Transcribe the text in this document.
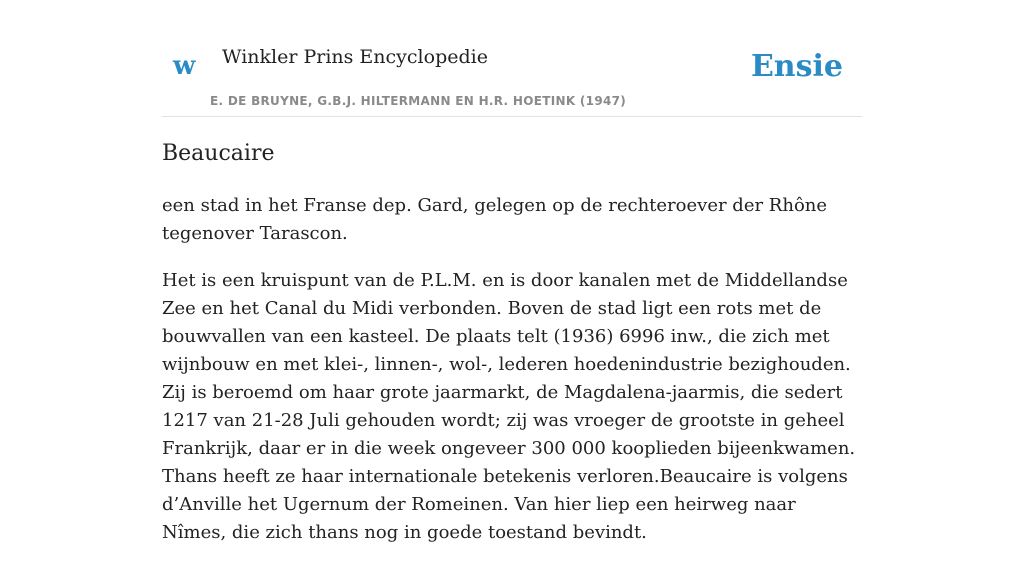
w Winkler Prins Encyclopedie
E. DE BRUYNE, G.B.J. HILTERMANN EN H.R. HOETINK (1947)
Ensie
Beaucaire

een stad in het Franse dep. Gard, gelegen op de rechteroever der Rhône tegenover Tarascon.

Het is een kruispunt van de P.L.M. en is door kanalen met de Middellandse Zee en het Canal du Midi verbonden. Boven de stad ligt een rots met de bouwvallen van een kasteel. De plaats telt (1936) 6996 inw., die zich met wijnbouw en met klei-, linnen-, wol-, lederen hoedenindustrie bezighouden. Zij is beroemd om haar grote jaarmarkt, de Magdalena-jaarmis, die sedert 1217 van 21-28 Juli gehouden wordt; zij was vroeger de grootste in geheel Frankrijk, daar er in die week ongeveer 300 000 kooplieden bijeenkwamen. Thans heeft ze haar internationale betekenis verloren.Beaucaire is volgens d’Anville het Ugernum der Romeinen. Van hier liep een heirweg naar Nîmes, die zich thans nog in goede toestand bevindt.
